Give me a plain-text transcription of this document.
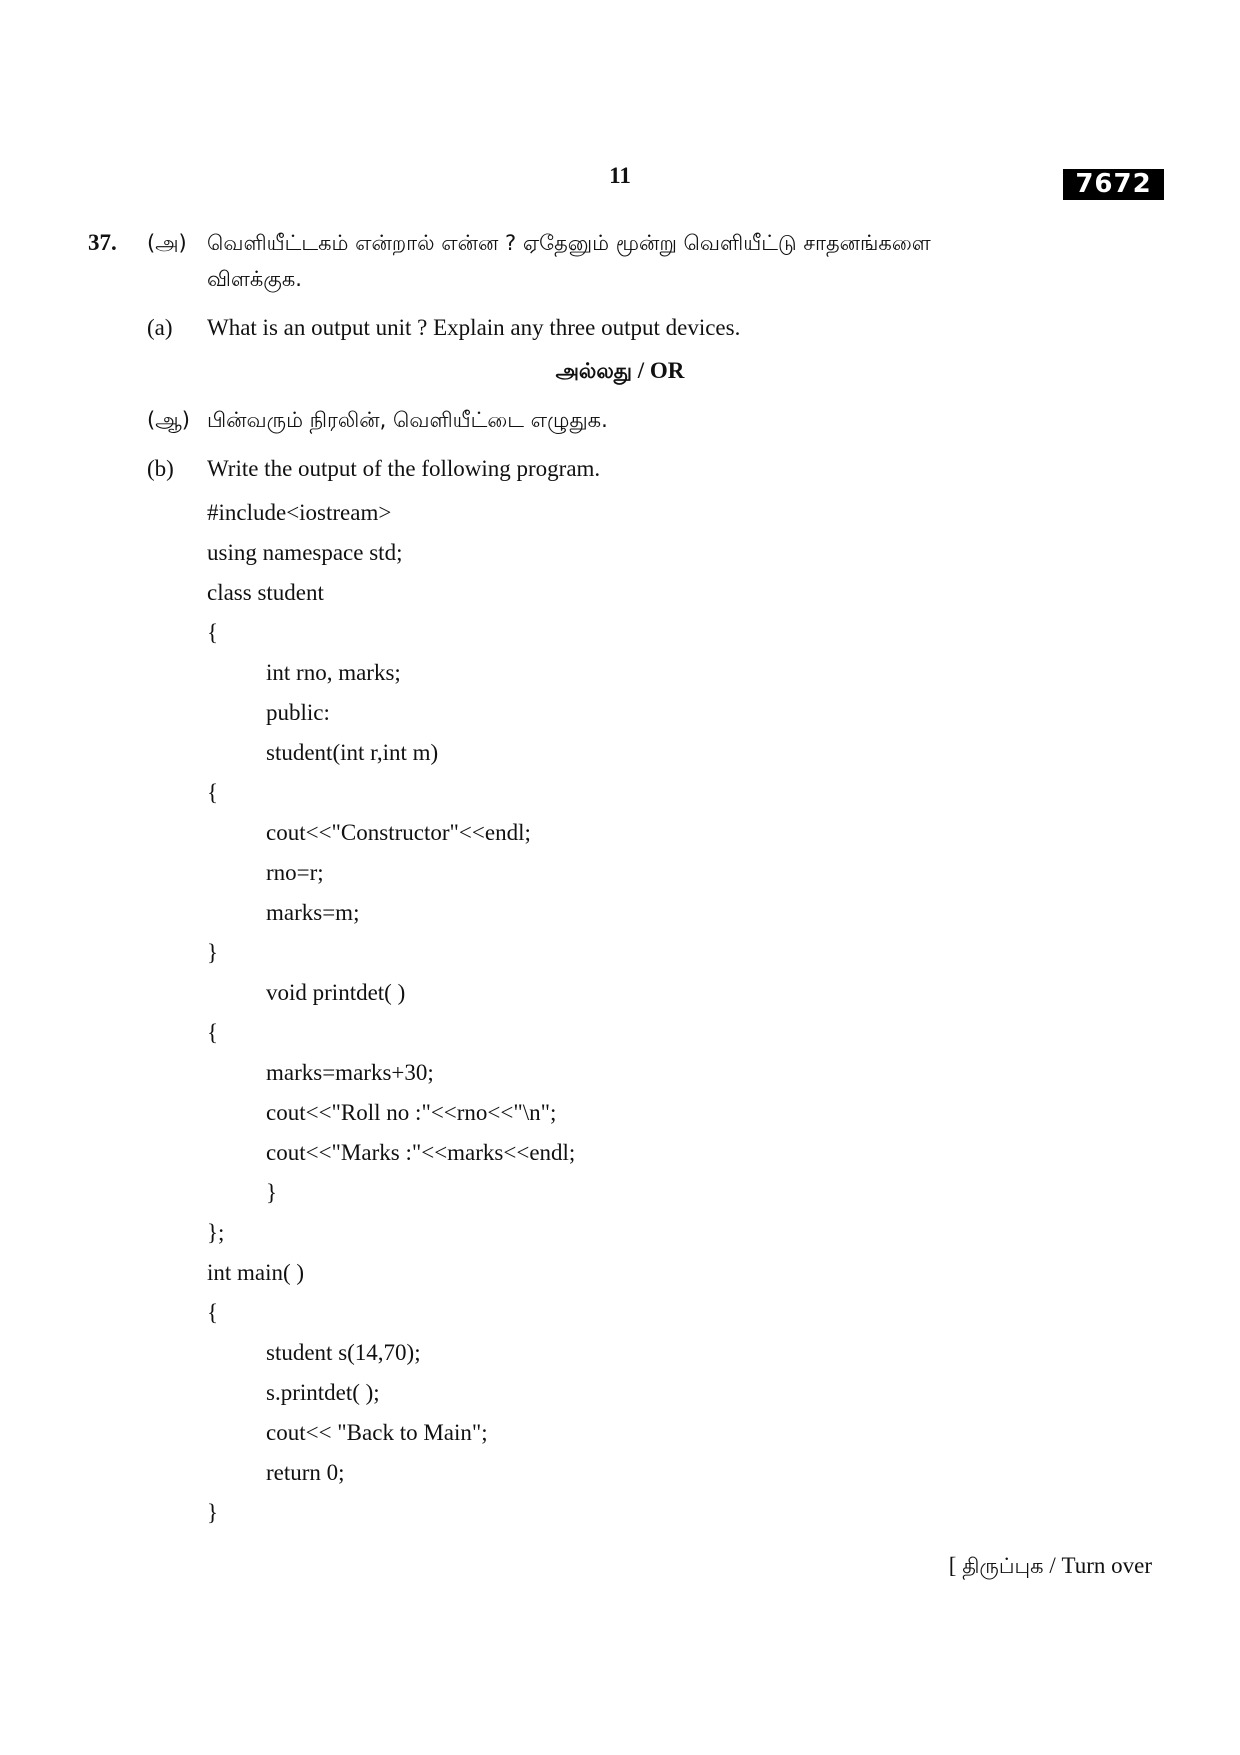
11	7672
37. (அ) வெளியீட்டகம் என்றால் என்ன ? ஏதேனும் மூன்று வெளியீட்டு சாதனங்களை
விளக்குக.
(a) What is an output unit ? Explain any three output devices.
அல்லது / OR
(ஆ) பின்வரும் நிரலின், வெளியீட்டை எழுதுக.
(b) Write the output of the following program.
#include<iostream>
using namespace std;
class student
{
int rno, marks;
public:
student(int r,int m)
{
cout<<"Constructor"<<endl;
rno=r;
marks=m;
}
void printdet( )
{
marks=marks+30;
cout<<"Roll no :"<<rno<<"\n";
cout<<"Marks :"<<marks<<endl;
}
};
int main( )
{
student s(14,70);
s.printdet( );
cout<< "Back to Main";
return 0;
}
[ திருப்புக / Turn over
